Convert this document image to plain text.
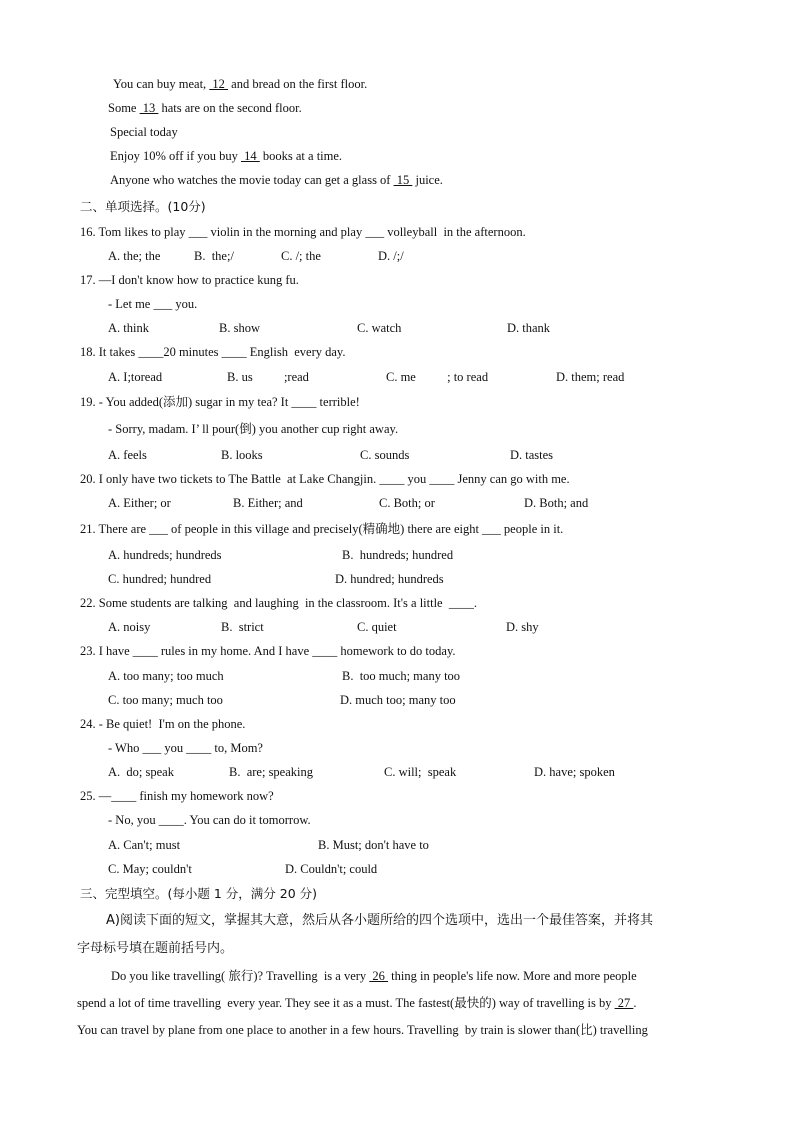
You can buy meat,  12  and bread on the first floor.
Some  13  hats are on the second floor.
Special today
Enjoy 10% off if you buy  14  books at a time.
Anyone who watches the movie today can get a glass of  15  juice.
二、单项选择。(10分)
16. Tom likes to play ___ violin in the morning and play ___ volleyball  in the afternoon.
A. the; the	B.  the;/	C. /; the	D. /;/
17. —I don't know how to practice kung fu.
- Let me ___ you.
A. think	B. show	C. watch	D. thank
18. It takes ____20 minutes ____ English  every day.
A. I;toread	B. us          ;read	C. me          ; to read	D. them; read
19. - You added(添加) sugar in my tea? It ____ terrible!
- Sorry, madam. I’ ll pour(倒) you another cup right away.
A. feels	B. looks	C. sounds	D. tastes
20. I only have two tickets to The Battle  at Lake Changjin. ____ you ____ Jenny can go with me.
A. Either; or	B. Either; and	C. Both; or	D. Both; and
21. There are ___ of people in this village and precisely(精确地) there are eight ___ people in it.
A. hundreds; hundreds	B.  hundreds; hundred
C. hundred; hundred	D. hundred; hundreds
22. Some students are talking  and laughing  in the classroom. It's a little  ____.
A. noisy	B.  strict	C. quiet	D. shy
23. I have ____ rules in my home. And I have ____ homework to do today.
A. too many; too much	B.  too much; many too
C. too many; much too	D. much too; many too
24. - Be quiet!  I'm on the phone.
- Who ___ you ____ to, Mom?
A.  do; speak	B.  are; speaking	C. will;  speak	D. have; spoken
25. —____ finish my homework now?
- No, you ____. You can do it tomorrow.
A. Can't; must	B. Must; don't have to
C. May; couldn't	D. Couldn't; could
三、完型填空。(每小题 1 分，满分 20 分)
A)阅读下面的短文，掌握其大意，然后从各小题所给的四个选项中，选出一个最佳答案，并将其
字母标号填在题前括号内。
Do you like travelling( 旅行)? Travelling  is a very  26  thing in people's life now. More and more people
spend a lot of time travelling  every year. They see it as a must. The fastest(最快的) way of travelling is by  27 .
You can travel by plane from one place to another in a few hours. Travelling  by train is slower than(比) travelling
